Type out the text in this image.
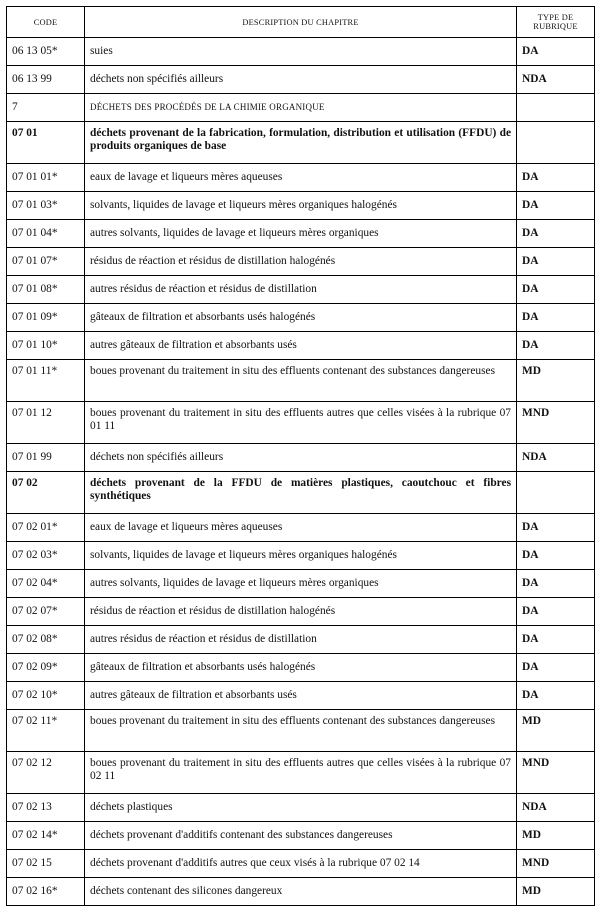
CODE	DESCRIPTION DU CHAPITRE	TYPE DE
RUBRIQUE
06 13 05*	suies	DA
06 13 99	déchets non spécifiés ailleurs	NDA
7	DÉCHETS DES PROCÉDÉS DE LA CHIMIE ORGANIQUE	
07 01	déchets provenant de la fabrication, formulation, distribution et utilisation (FFDU) de produits organiques de base	
07 01 01*	eaux de lavage et liqueurs mères aqueuses	DA
07 01 03*	solvants, liquides de lavage et liqueurs mères organiques halogénés	DA
07 01 04*	autres solvants, liquides de lavage et liqueurs mères organiques	DA
07 01 07*	résidus de réaction et résidus de distillation halogénés	DA
07 01 08*	autres résidus de réaction et résidus de distillation	DA
07 01 09*	gâteaux de filtration et absorbants usés halogénés	DA
07 01 10*	autres gâteaux de filtration et absorbants usés	DA
07 01 11*	boues provenant du traitement in situ des effluents contenant des substances dangereuses	MD
07 01 12	boues provenant du traitement in situ des effluents autres que celles visées à la rubrique 07 01 11	MND
07 01 99	déchets non spécifiés ailleurs	NDA
07 02	déchets provenant de la FFDU de matières plastiques, caoutchouc et fibres synthétiques	
07 02 01*	eaux de lavage et liqueurs mères aqueuses	DA
07 02 03*	solvants, liquides de lavage et liqueurs mères organiques halogénés	DA
07 02 04*	autres solvants, liquides de lavage et liqueurs mères organiques	DA
07 02 07*	résidus de réaction et résidus de distillation halogénés	DA
07 02 08*	autres résidus de réaction et résidus de distillation	DA
07 02 09*	gâteaux de filtration et absorbants usés halogénés	DA
07 02 10*	autres gâteaux de filtration et absorbants usés	DA
07 02 11*	boues provenant du traitement in situ des effluents contenant des substances dangereuses	MD
07 02 12	boues provenant du traitement in situ des effluents autres que celles visées à la rubrique 07 02 11	MND
07 02 13	déchets plastiques	NDA
07 02 14*	déchets provenant d'additifs contenant des substances dangereuses	MD
07 02 15	déchets provenant d'additifs autres que ceux visés à la rubrique 07 02 14	MND
07 02 16*	déchets contenant des silicones dangereux	MD
